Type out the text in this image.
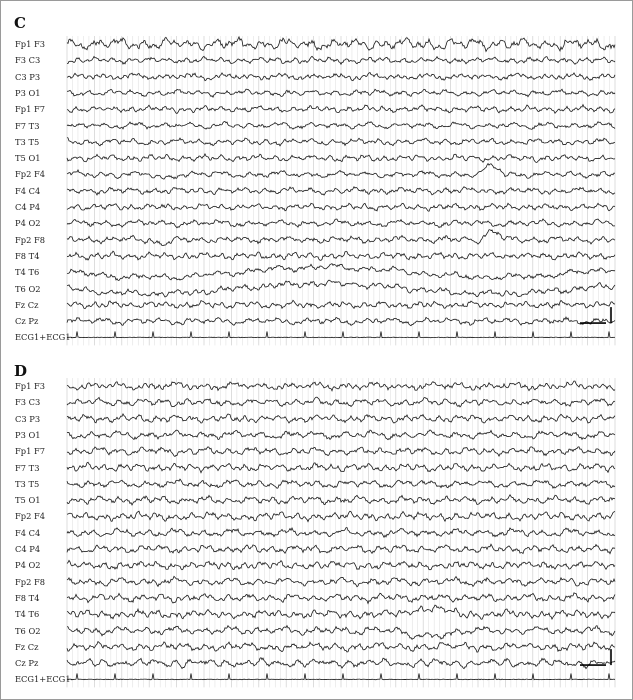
C
Fp1 F3
F3 C3
C3 P3
P3 O1
Fp1 F7
F7 T3
T3 T5
T5 O1
Fp2 F4
F4 C4
C4 P4
P4 O2
Fp2 F8
F8 T4
T4 T6
T6 O2
Fz Cz
Cz Pz
ECG1+ECG1-
D
Fp1 F3
F3 C3
C3 P3
P3 O1
Fp1 F7
F7 T3
T3 T5
T5 O1
Fp2 F4
F4 C4
C4 P4
P4 O2
Fp2 F8
F8 T4
T4 T6
T6 O2
Fz Cz
Cz Pz
ECG1+ECG1-
